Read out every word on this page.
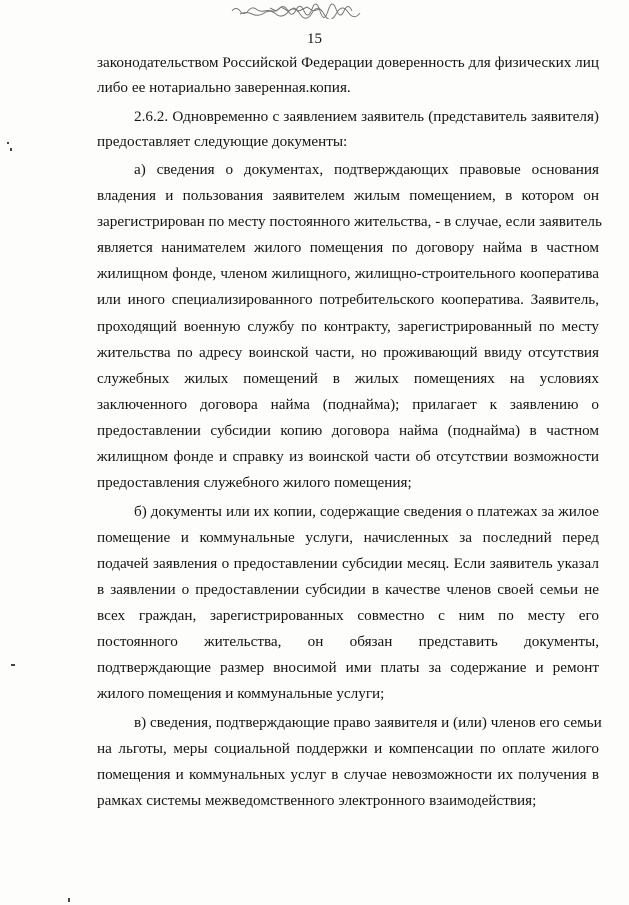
15
законодательством Российской Федерации доверенность для физических лиц
либо ее нотариально заверенная.копия.
2.6.2. Одновременно с заявлением заявитель (представитель заявителя)
предоставляет следующие документы:
а) сведения о документах, подтверждающих правовые основания
владения и пользования заявителем жилым помещением, в котором он
зарегистрирован по месту постоянного жительства, - в случае, если заявитель
является нанимателем жилого помещения по договору найма в частном
жилищном фонде, членом жилищного, жилищно-строительного кооператива
или иного специализированного потребительского кооператива. Заявитель,
проходящий военную службу по контракту, зарегистрированный по месту
жительства по адресу воинской части, но проживающий ввиду отсутствия
служебных жилых помещений в жилых помещениях на условиях
заключенного договора найма (поднайма); прилагает к заявлению о
предоставлении субсидии копию договора найма (поднайма) в частном
жилищном фонде и справку из воинской части об отсутствии возможности
предоставления служебного жилого помещения;
б) документы или их копии, содержащие сведения о платежах за жилое
помещение и коммунальные услуги, начисленных за последний перед
подачей заявления о предоставлении субсидии месяц. Если заявитель указал
в заявлении о предоставлении субсидии в качестве членов своей семьи не
всех граждан, зарегистрированных совместно с ним по месту его
постоянного жительства, он обязан представить документы,
подтверждающие размер вносимой ими платы за содержание и ремонт
жилого помещения и коммунальные услуги;
в) сведения, подтверждающие право заявителя и (или) членов его семьи
на льготы, меры социальной поддержки и компенсации по оплате жилого
помещения и коммунальных услуг в случае невозможности их получения в
рамках системы межведомственного электронного взаимодействия;
